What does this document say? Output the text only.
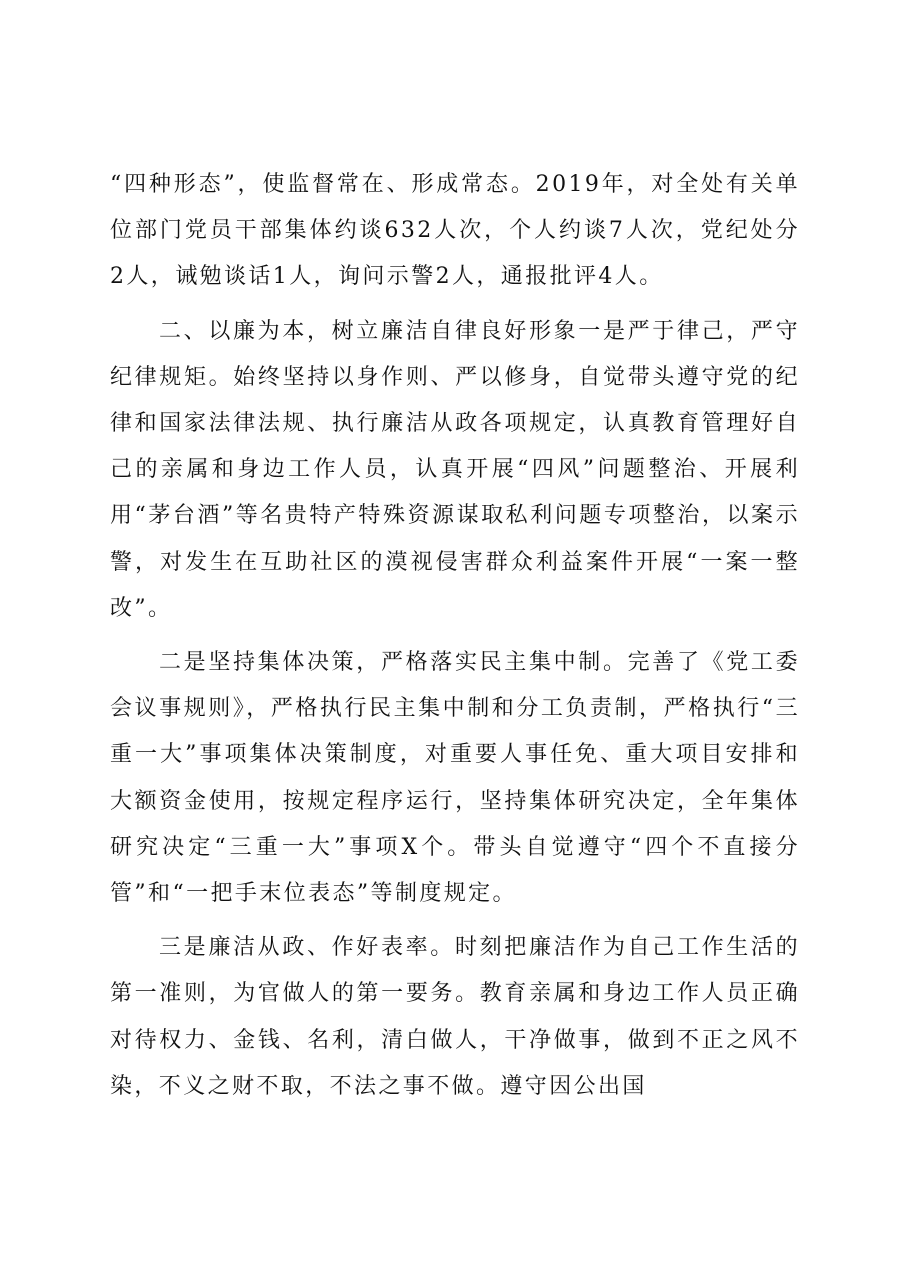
“四种形态”，使监督常在、形成常态。2019年，对全处有关单位部门党员干部集体约谈632人次，个人约谈7人次，党纪处分2人，诫勉谈话1人，询问示警2人，通报批评4人。

二、以廉为本，树立廉洁自律良好形象一是严于律己，严守纪律规矩。始终坚持以身作则、严以修身，自觉带头遵守党的纪律和国家法律法规、执行廉洁从政各项规定，认真教育管理好自己的亲属和身边工作人员，认真开展“四风”问题整治、开展利用“茅台酒”等名贵特产特殊资源谋取私利问题专项整治，以案示警，对发生在互助社区的漠视侵害群众利益案件开展“一案一整改”。

二是坚持集体决策，严格落实民主集中制。完善了《党工委会议事规则》，严格执行民主集中制和分工负责制，严格执行“三重一大”事项集体决策制度，对重要人事任免、重大项目安排和大额资金使用，按规定程序运行，坚持集体研究决定，全年集体研究决定“三重一大”事项X个。带头自觉遵守“四个不直接分管”和“一把手末位表态”等制度规定。

三是廉洁从政、作好表率。时刻把廉洁作为自己工作生活的第一准则，为官做人的第一要务。教育亲属和身边工作人员正确对待权力、金钱、名利，清白做人，干净做事，做到不正之风不染，不义之财不取，不法之事不做。遵守因公出国
